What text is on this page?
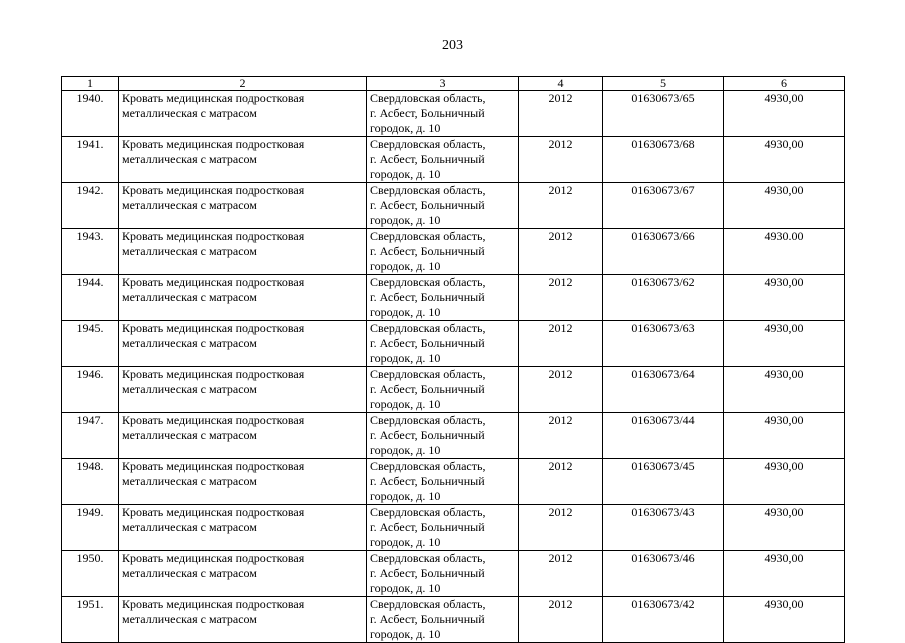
203
1	2	3	4	5	6
1940.	Кровать медицинская подростковая
металлическая с матрасом	Свердловская область,
г. Асбест, Больничный
городок, д. 10	2012	01630673/65	4930,00
1941.	Кровать медицинская подростковая
металлическая с матрасом	Свердловская область,
г. Асбест, Больничный
городок, д. 10	2012	01630673/68	4930,00
1942.	Кровать медицинская подростковая
металлическая с матрасом	Свердловская область,
г. Асбест, Больничный
городок, д. 10	2012	01630673/67	4930,00
1943.	Кровать медицинская подростковая
металлическая с матрасом	Свердловская область,
г. Асбест, Больничный
городок, д. 10	2012	01630673/66	4930.00
1944.	Кровать медицинская подростковая
металлическая с матрасом	Свердловская область,
г. Асбест, Больничный
городок, д. 10	2012	01630673/62	4930,00
1945.	Кровать медицинская подростковая
металлическая с матрасом	Свердловская область,
г. Асбест, Больничный
городок, д. 10	2012	01630673/63	4930,00
1946.	Кровать медицинская подростковая
металлическая с матрасом	Свердловская область,
г. Асбест, Больничный
городок, д. 10	2012	01630673/64	4930,00
1947.	Кровать медицинская подростковая
металлическая с матрасом	Свердловская область,
г. Асбест, Больничный
городок, д. 10	2012	01630673/44	4930,00
1948.	Кровать медицинская подростковая
металлическая с матрасом	Свердловская область,
г. Асбест, Больничный
городок, д. 10	2012	01630673/45	4930,00
1949.	Кровать медицинская подростковая
металлическая с матрасом	Свердловская область,
г. Асбест, Больничный
городок, д. 10	2012	01630673/43	4930,00
1950.	Кровать медицинская подростковая
металлическая с матрасом	Свердловская область,
г. Асбест, Больничный
городок, д. 10	2012	01630673/46	4930,00
1951.	Кровать медицинская подростковая
металлическая с матрасом	Свердловская область,
г. Асбест, Больничный
городок, д. 10	2012	01630673/42	4930,00
